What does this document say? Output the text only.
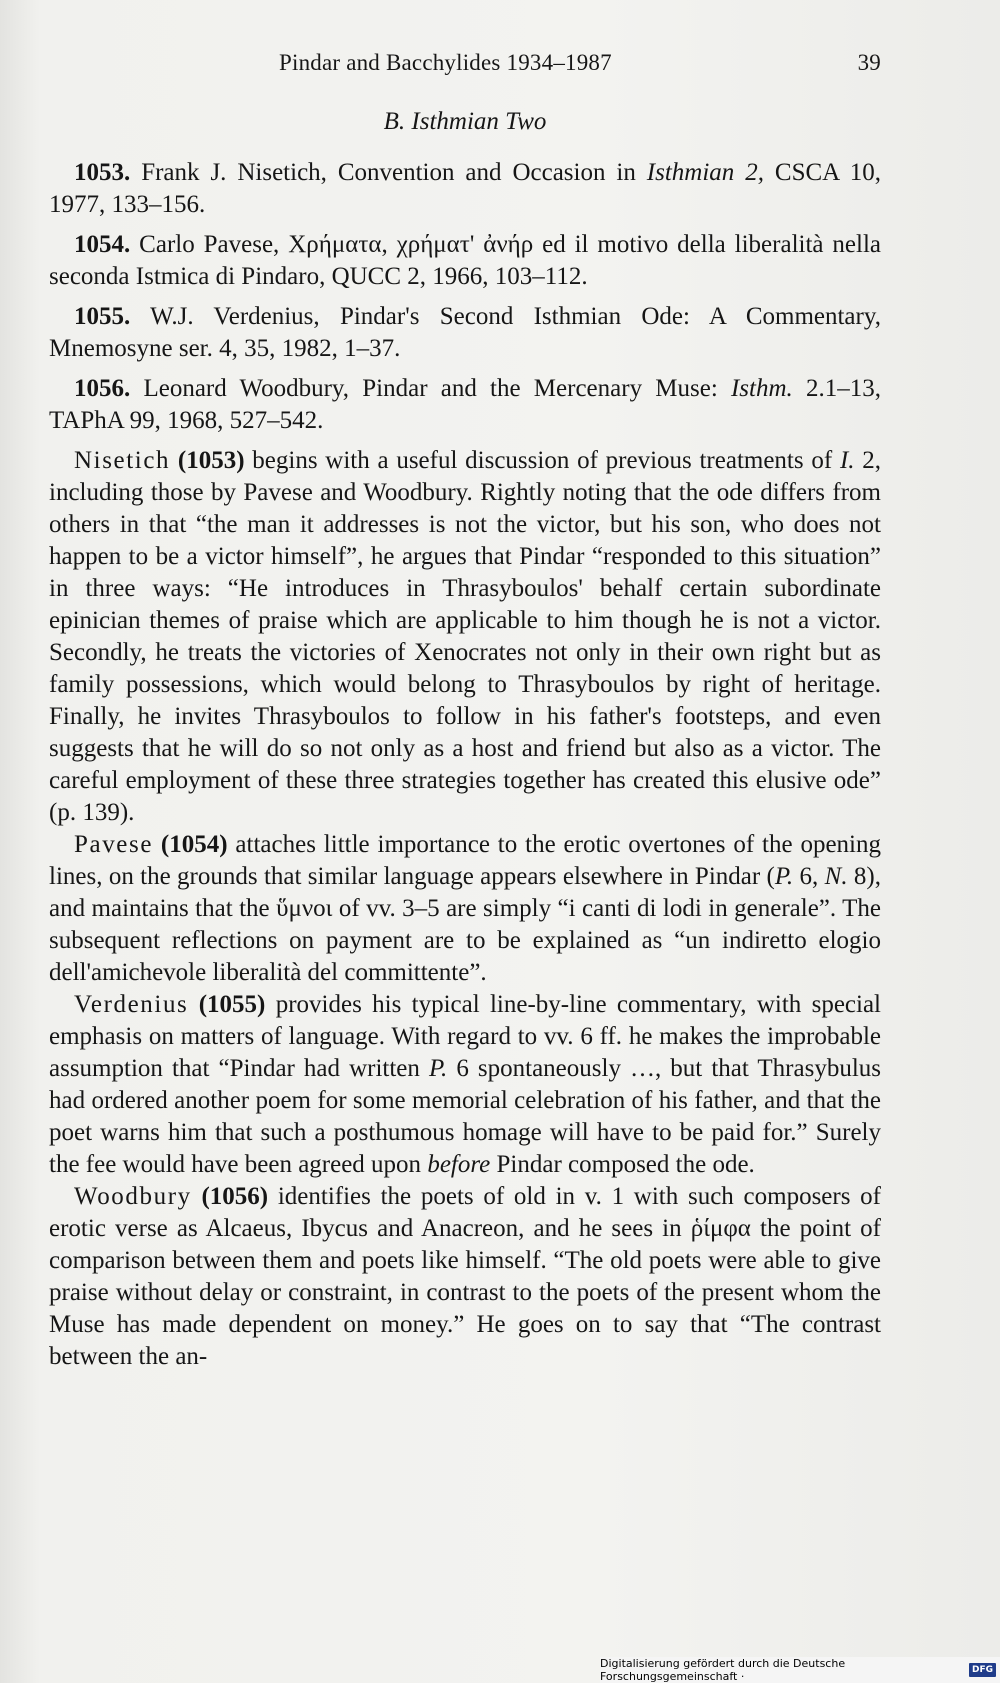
Pindar and Bacchylides 1934–1987	39
B. Isthmian Two

1053. Frank J. Nisetich, Convention and Occasion in Isthmian 2, CSCA 10, 1977, 133–156.

1054. Carlo Pavese, Χρήματα, χρήματ' ἀνήρ ed il motivo della liberalità nella seconda Istmica di Pindaro, QUCC 2, 1966, 103–112.

1055. W.J. Verdenius, Pindar's Second Isthmian Ode: A Commentary, Mnemosyne ser. 4, 35, 1982, 1–37.

1056. Leonard Woodbury, Pindar and the Mercenary Muse: Isthm. 2.1–13, TAPhA 99, 1968, 527–542.

Nisetich (1053) begins with a useful discussion of previous treatments of I. 2, including those by Pavese and Woodbury. Rightly noting that the ode differs from others in that “the man it addresses is not the victor, but his son, who does not happen to be a victor himself”, he argues that Pindar “responded to this situation” in three ways: “He introduces in Thrasyboulos' behalf certain subordinate epinician themes of praise which are applicable to him though he is not a victor. Secondly, he treats the victories of Xenocrates not only in their own right but as family possessions, which would belong to Thrasyboulos by right of heritage. Finally, he invites Thrasyboulos to follow in his father's footsteps, and even suggests that he will do so not only as a host and friend but also as a victor. The careful employment of these three strategies together has created this elusive ode” (p. 139).

Pavese (1054) attaches little importance to the erotic overtones of the opening lines, on the grounds that similar language appears elsewhere in Pindar (P. 6, N. 8), and maintains that the ὕμνοι of vv. 3–5 are simply “i canti di lodi in generale”. The subsequent reflections on payment are to be explained as “un indiretto elogio dell'amichevole liberalità del committente”.

Verdenius (1055) provides his typical line-by-line commentary, with special emphasis on matters of language. With regard to vv. 6 ff. he makes the improbable assumption that “Pindar had written P. 6 spontaneously …, but that Thrasybulus had ordered another poem for some memorial celebration of his father, and that the poet warns him that such a posthumous homage will have to be paid for.” Surely the fee would have been agreed upon before Pindar composed the ode.

Woodbury (1056) identifies the poets of old in v. 1 with such composers of erotic verse as Alcaeus, Ibycus and Anacreon, and he sees in ῥίμφα the point of comparison between them and poets like himself. “The old poets were able to give praise without delay or constraint, in contrast to the poets of the present whom the Muse has made dependent on money.” He goes on to say that “The contrast between the an-

Digitalisierung gefördert durch die Deutsche Forschungsgemeinschaft ·	DFG
